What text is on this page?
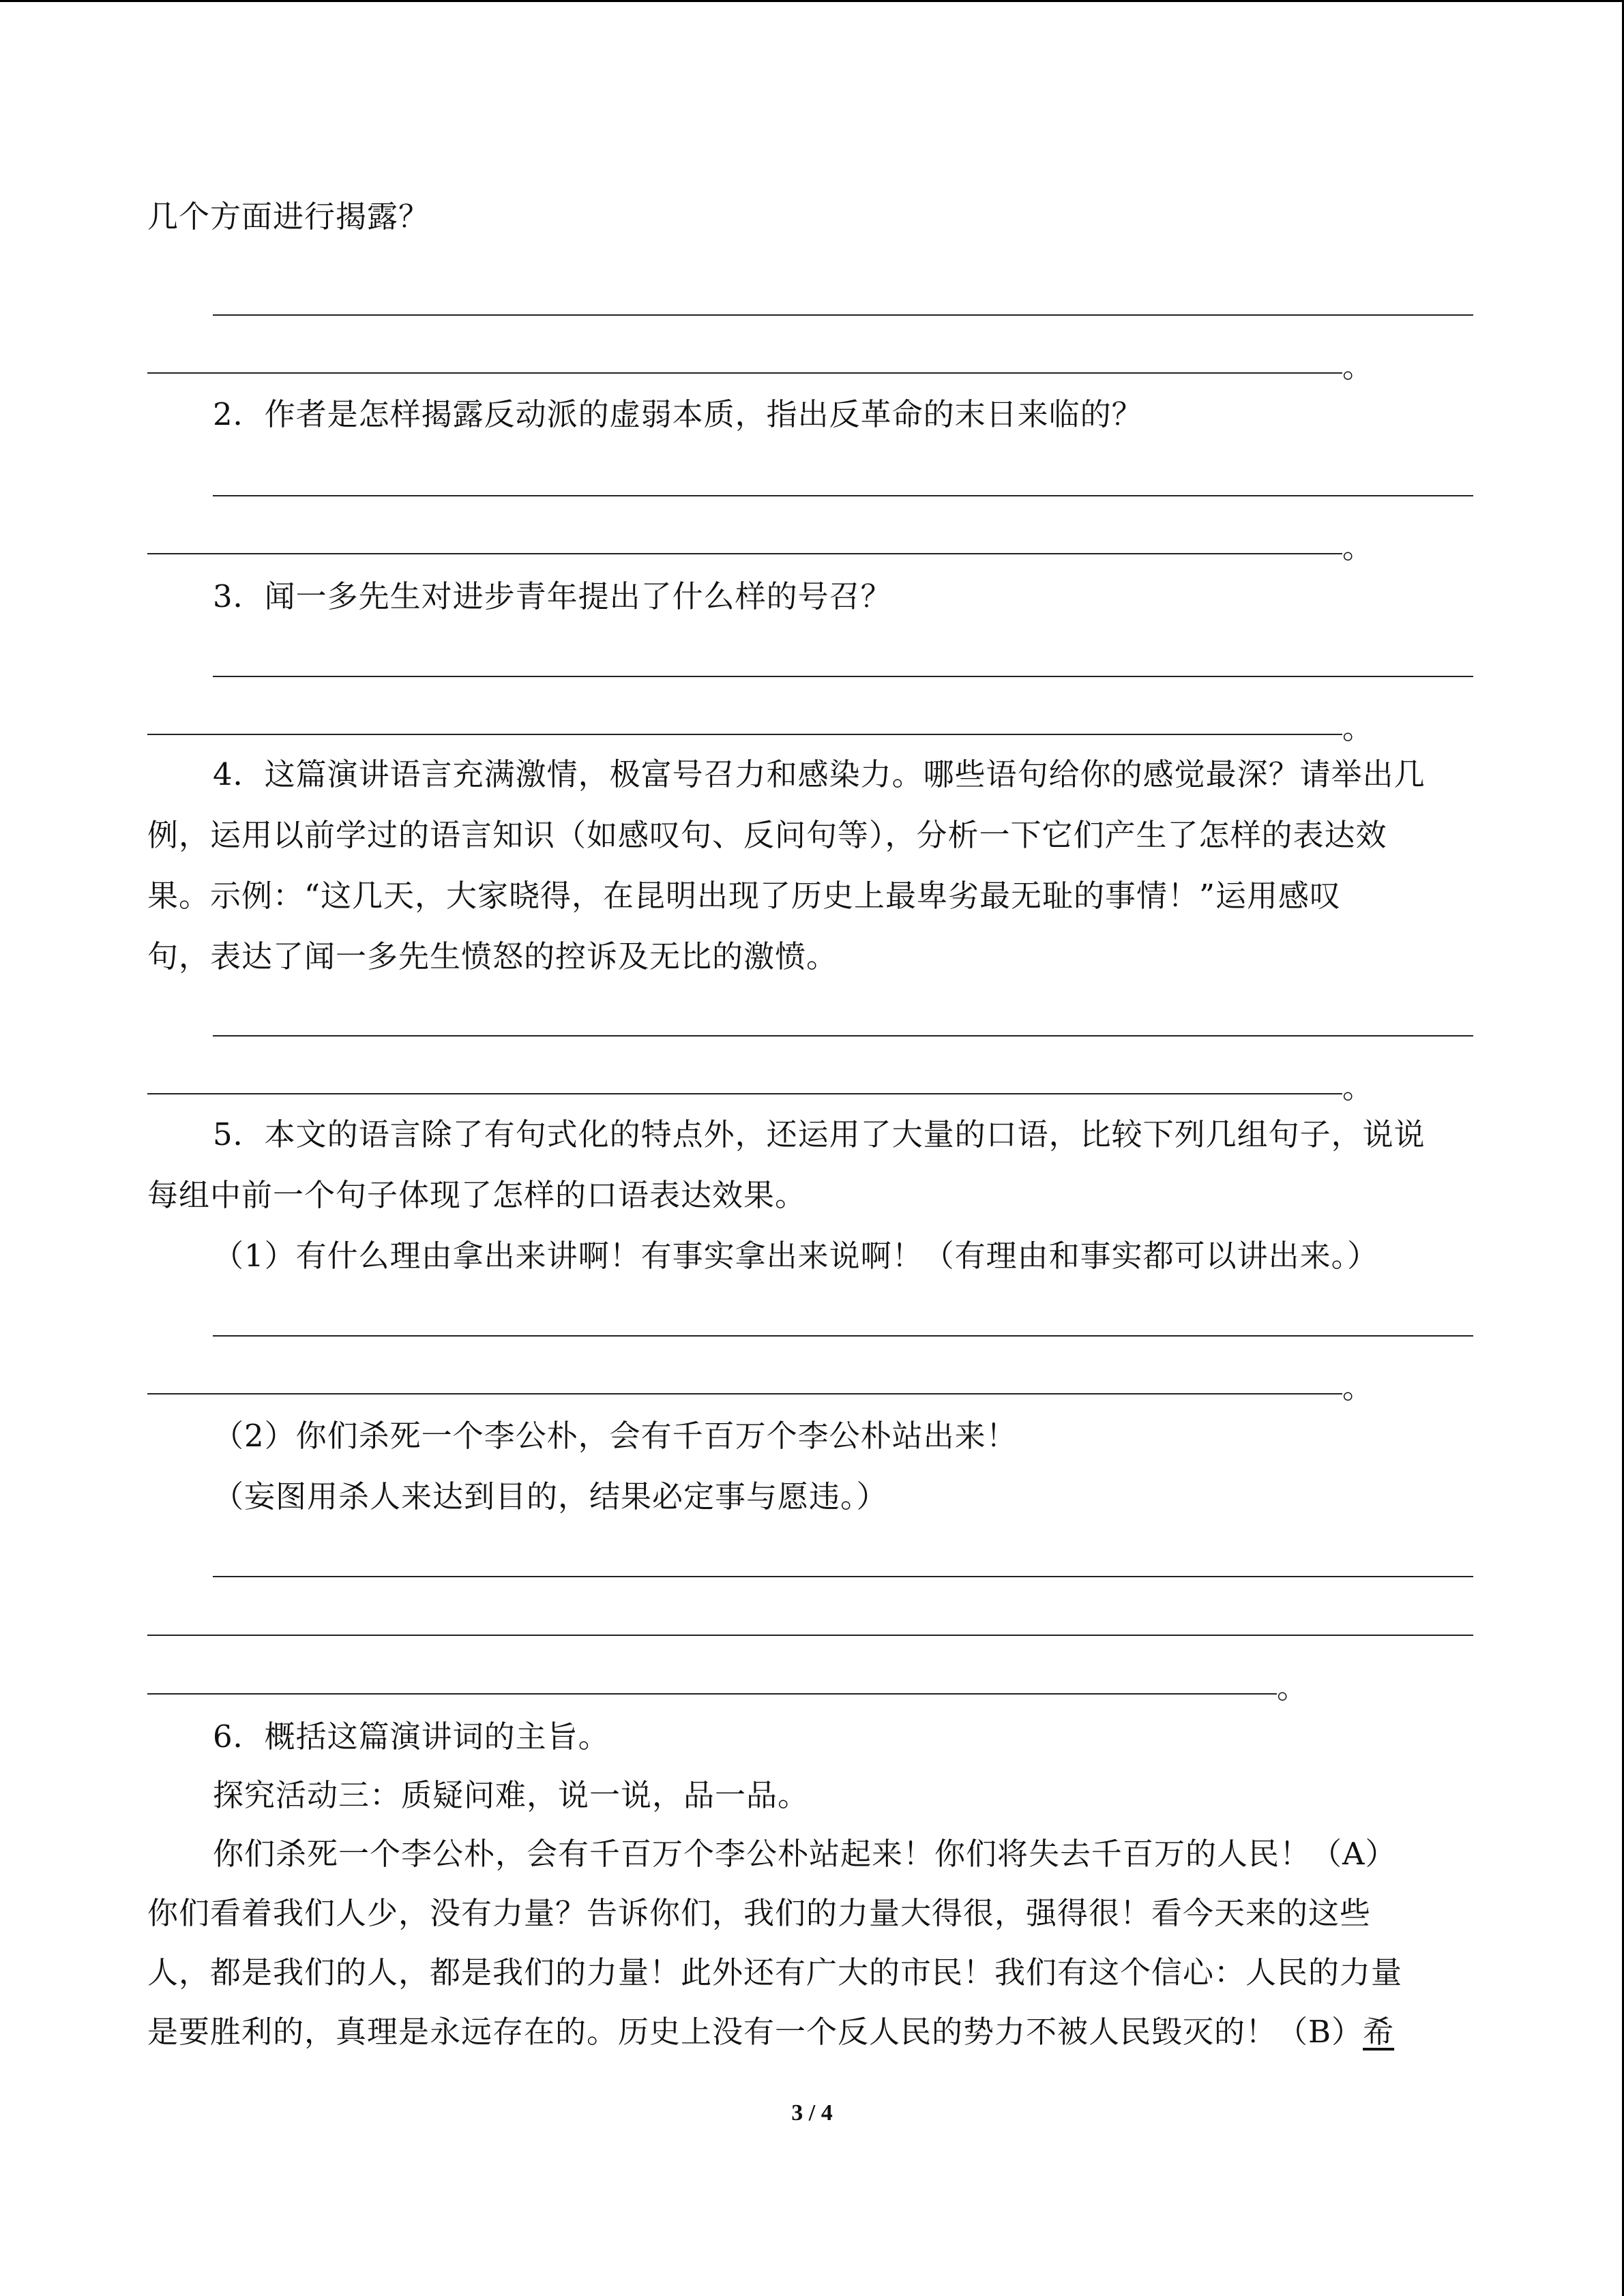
几个方面进行揭露？
。
2．作者是怎样揭露反动派的虚弱本质，指出反革命的末日来临的？
。
3．闻一多先生对进步青年提出了什么样的号召？
。
4．这篇演讲语言充满激情，极富号召力和感染力。哪些语句给你的感觉最深？请举出几
例，运用以前学过的语言知识（如感叹句、反问句等），分析一下它们产生了怎样的表达效
果。示例：“这几天，大家晓得，在昆明出现了历史上最卑劣最无耻的事情！”运用感叹
句，表达了闻一多先生愤怒的控诉及无比的激愤。
。
5．本文的语言除了有句式化的特点外，还运用了大量的口语，比较下列几组句子，说说
每组中前一个句子体现了怎样的口语表达效果。
（1）有什么理由拿出来讲啊！有事实拿出来说啊！（有理由和事实都可以讲出来。）
。
（2）你们杀死一个李公朴，会有千百万个李公朴站出来！
（妄图用杀人来达到目的，结果必定事与愿违。）
。
6．概括这篇演讲词的主旨。
探究活动三：质疑问难，说一说，品一品。
你们杀死一个李公朴，会有千百万个李公朴站起来！你们将失去千百万的人民！（A）
你们看着我们人少，没有力量？告诉你们，我们的力量大得很，强得很！看今天来的这些
人，都是我们的人，都是我们的力量！此外还有广大的市民！我们有这个信心：人民的力量
是要胜利的，真理是永远存在的。历史上没有一个反人民的势力不被人民毁灭的！（B）希
3 / 4
